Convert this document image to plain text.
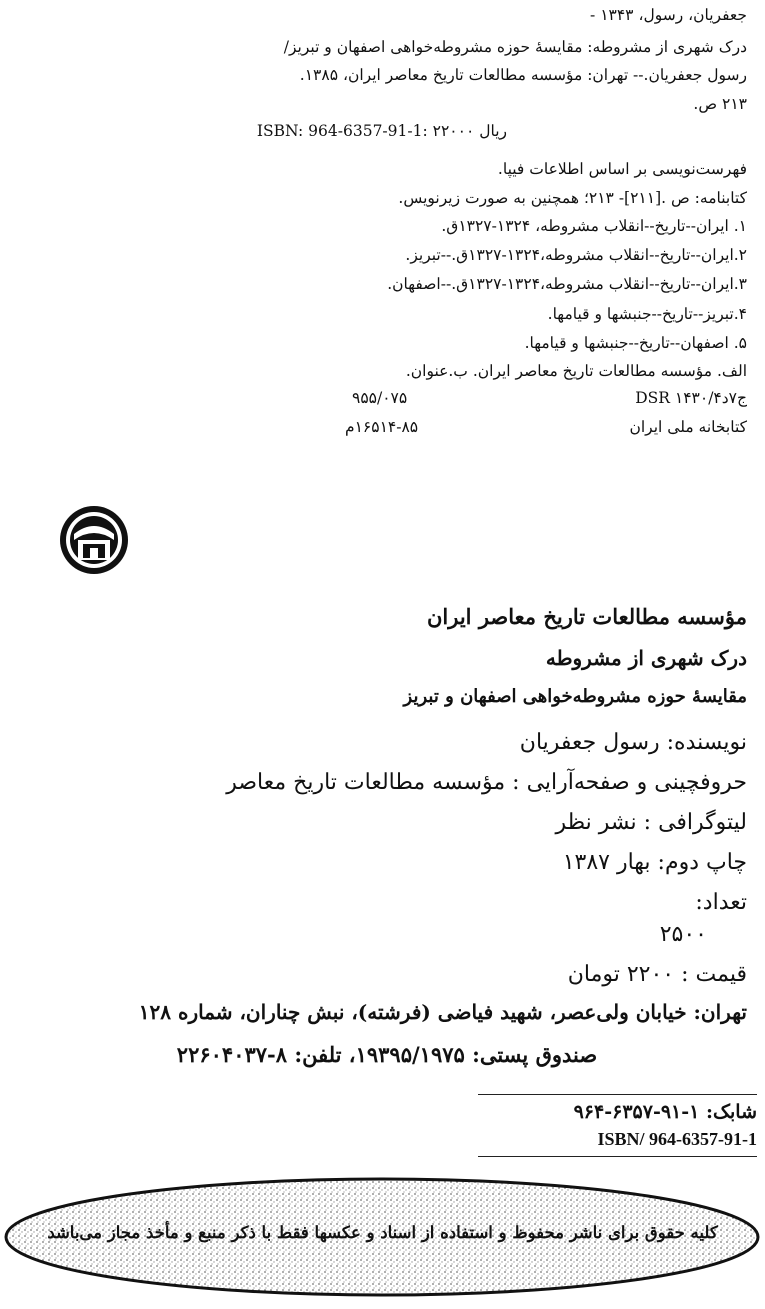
جعفریان، رسول، ۱۳۴۳ -
درک شهری از مشروطه: مقایسهٔ حوزه مشروطه‌خواهی اصفهان و تبریز/
رسول جعفریان.-- تهران: مؤسسه مطالعات تاریخ معاصر ایران، ۱۳۸۵.
۲۱۳ ص.
ISBN: 964-6357-91-1: ۲۲۰۰۰ ریال
فهرست‌نویسی بر اساس اطلاعات فیپا.
کتابنامه: ص .[۲۱۱]- ۲۱۳؛ همچنین به صورت زیرنویس.
۱. ایران--تاریخ--انقلاب مشروطه، ۱۳۲۴-۱۳۲۷ق.
۲.ایران--تاریخ--انقلاب مشروطه،۱۳۲۴-۱۳۲۷ق.--تبریز.
۳.ایران--تاریخ--انقلاب مشروطه،۱۳۲۴-۱۳۲۷ق.--اصفهان.
۴.تبریز--تاریخ--جنبشها و قیامها.
۵. اصفهان--تاریخ--جنبشها و قیامها.
الف. مؤسسه مطالعات تاریخ معاصر ایران. ب.عنوان.
DSR ۱۴۳۰/ج۷د۴
۹۵۵/۰۷۵
کتابخانه ملی ایران
۱۶۵۱۴-۸۵م
مؤسسه مطالعات تاریخ معاصر ایران
درک شهری از مشروطه
مقایسهٔ حوزه مشروطه‌خواهی اصفهان و تبریز
نویسنده: رسول جعفریان
حروفچینی و صفحه‌آرایی : مؤسسه مطالعات تاریخ معاصر
لیتوگرافی : نشر نظر
چاپ دوم: بهار ۱۳۸۷
تعداد:
۲۵۰۰
قیمت : ۲۲۰۰ تومان
تهران: خیابان ولی‌عصر، شهید فیاضی (فرشته)، نبش چناران، شماره ۱۲۸
صندوق پستی: ۱۹۳۹۵/۱۹۷۵، تلفن: ۸-۲۲۶۰۴۰۳۷
شابک: ۱-۹۱-۶۳۵۷-۹۶۴
ISBN/ 964-6357-91-1
کلیه حقوق برای ناشر محفوظ و استفاده از اسناد و عکسها فقط با ذکر منبع و مأخذ مجاز می‌باشد
